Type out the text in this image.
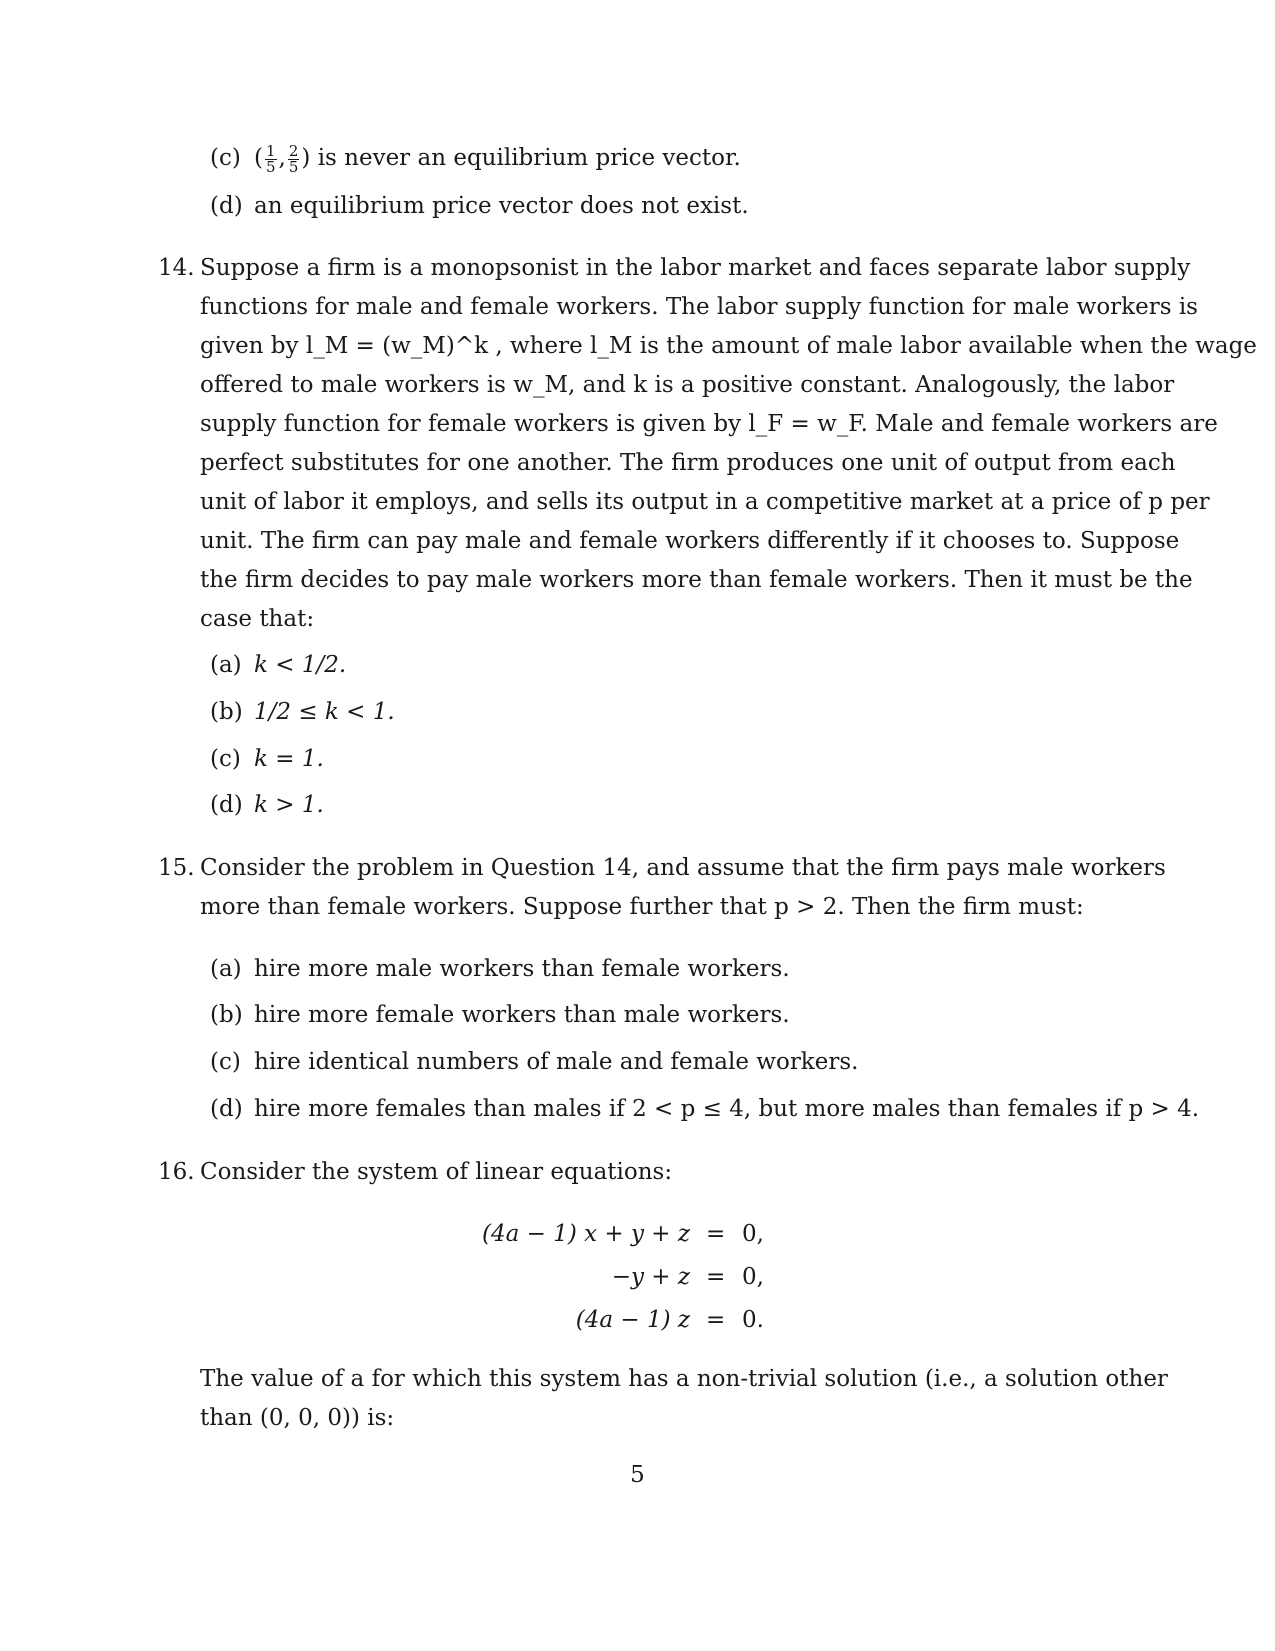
(c) ( $\frac{1}{5}$ , $\frac{2}{5}$ ) is never an equilibrium price vector.
(d) an equilibrium price vector does not exist.
14. Suppose a firm is a monopsonist in the labor market and faces separate labor supply
functions for male and female workers. The labor supply function for male workers is
given by l_M = (w_M)^k , where l_M is the amount of male labor available when the wage
offered to male workers is w_M, and k is a positive constant. Analogously, the labor
supply function for female workers is given by l_F = w_F. Male and female workers are
perfect substitutes for one another. The firm produces one unit of output from each
unit of labor it employs, and sells its output in a competitive market at a price of p per
unit. The firm can pay male and female workers differently if it chooses to. Suppose
the firm decides to pay male workers more than female workers. Then it must be the
case that:
(a) k < 1/2.
(b) 1/2 ≤ k < 1.
(c) k = 1.
(d) k > 1.
15. Consider the problem in Question 14, and assume that the firm pays male workers
more than female workers. Suppose further that p > 2. Then the firm must:
(a) hire more male workers than female workers.
(b) hire more female workers than male workers.
(c) hire identical numbers of male and female workers.
(d) hire more females than males if 2 < p ≤ 4, but more males than females if p > 4.
16. Consider the system of linear equations:
(4a − 1) x + y + z = 0,
−y + z = 0,
(4a − 1) z = 0.
The value of a for which this system has a non-trivial solution (i.e., a solution other
than (0, 0, 0)) is:
5
